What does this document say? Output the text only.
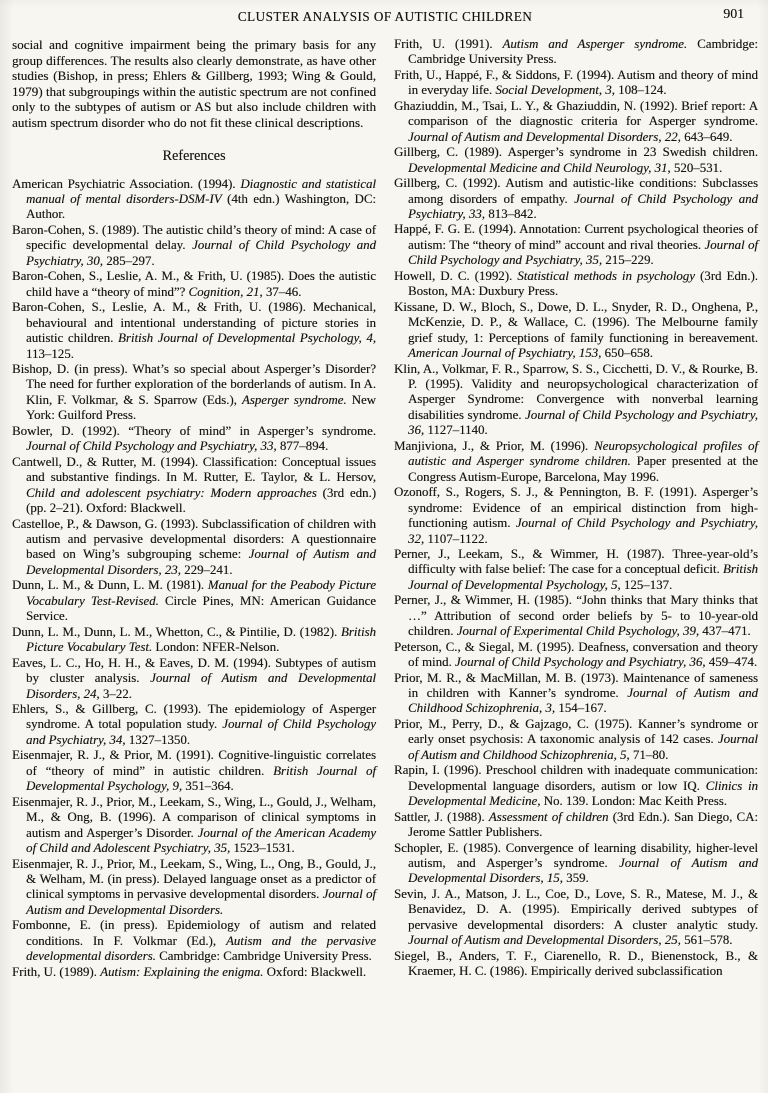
CLUSTER ANALYSIS OF AUTISTIC CHILDREN	901

social and cognitive impairment being the primary basis for any group differences. The results also clearly demonstrate, as have other studies (Bishop, in press; Ehlers & Gillberg, 1993; Wing & Gould, 1979) that subgroupings within the autistic spectrum are not confined only to the subtypes of autism or AS but also include children with autism spectrum disorder who do not fit these clinical descriptions.

References
American Psychiatric Association. (1994). Diagnostic and statistical manual of mental disorders-DSM-IV (4th edn.) Washington, DC: Author.
Baron-Cohen, S. (1989). The autistic child’s theory of mind: A case of specific developmental delay. Journal of Child Psychology and Psychiatry, 30, 285–297.
Baron-Cohen, S., Leslie, A. M., & Frith, U. (1985). Does the autistic child have a “theory of mind”? Cognition, 21, 37–46.
Baron-Cohen, S., Leslie, A. M., & Frith, U. (1986). Mechanical, behavioural and intentional understanding of picture stories in autistic children. British Journal of Developmental Psychology, 4, 113–125.
Bishop, D. (in press). What’s so special about Asperger’s Disorder? The need for further exploration of the borderlands of autism. In A. Klin, F. Volkmar, & S. Sparrow (Eds.), Asperger syndrome. New York: Guilford Press.
Bowler, D. (1992). “Theory of mind” in Asperger’s syndrome. Journal of Child Psychology and Psychiatry, 33, 877–894.
Cantwell, D., & Rutter, M. (1994). Classification: Conceptual issues and substantive findings. In M. Rutter, E. Taylor, & L. Hersov, Child and adolescent psychiatry: Modern approaches (3rd edn.) (pp. 2–21). Oxford: Blackwell.
Castelloe, P., & Dawson, G. (1993). Subclassification of children with autism and pervasive developmental disorders: A questionnaire based on Wing’s subgrouping scheme: Journal of Autism and Developmental Disorders, 23, 229–241.
Dunn, L. M., & Dunn, L. M. (1981). Manual for the Peabody Picture Vocabulary Test-Revised. Circle Pines, MN: American Guidance Service.
Dunn, L. M., Dunn, L. M., Whetton, C., & Pintilie, D. (1982). British Picture Vocabulary Test. London: NFER-Nelson.
Eaves, L. C., Ho, H. H., & Eaves, D. M. (1994). Subtypes of autism by cluster analysis. Journal of Autism and Developmental Disorders, 24, 3–22.
Ehlers, S., & Gillberg, C. (1993). The epidemiology of Asperger syndrome. A total population study. Journal of Child Psychology and Psychiatry, 34, 1327–1350.
Eisenmajer, R. J., & Prior, M. (1991). Cognitive-linguistic correlates of “theory of mind” in autistic children. British Journal of Developmental Psychology, 9, 351–364.
Eisenmajer, R. J., Prior, M., Leekam, S., Wing, L., Gould, J., Welham, M., & Ong, B. (1996). A comparison of clinical symptoms in autism and Asperger’s Disorder. Journal of the American Academy of Child and Adolescent Psychiatry, 35, 1523–1531.
Eisenmajer, R. J., Prior, M., Leekam, S., Wing, L., Ong, B., Gould, J., & Welham, M. (in press). Delayed language onset as a predictor of clinical symptoms in pervasive developmental disorders. Journal of Autism and Developmental Disorders.
Fombonne, E. (in press). Epidemiology of autism and related conditions. In F. Volkmar (Ed.), Autism and the pervasive developmental disorders. Cambridge: Cambridge University Press.
Frith, U. (1989). Autism: Explaining the enigma. Oxford: Blackwell.
Frith, U. (1991). Autism and Asperger syndrome. Cambridge: Cambridge University Press.
Frith, U., Happé, F., & Siddons, F. (1994). Autism and theory of mind in everyday life. Social Development, 3, 108–124.
Ghaziuddin, M., Tsai, L. Y., & Ghaziuddin, N. (1992). Brief report: A comparison of the diagnostic criteria for Asperger syndrome. Journal of Autism and Developmental Disorders, 22, 643–649.
Gillberg, C. (1989). Asperger’s syndrome in 23 Swedish children. Developmental Medicine and Child Neurology, 31, 520–531.
Gillberg, C. (1992). Autism and autistic-like conditions: Subclasses among disorders of empathy. Journal of Child Psychology and Psychiatry, 33, 813–842.
Happé, F. G. E. (1994). Annotation: Current psychological theories of autism: The “theory of mind” account and rival theories. Journal of Child Psychology and Psychiatry, 35, 215–229.
Howell, D. C. (1992). Statistical methods in psychology (3rd Edn.). Boston, MA: Duxbury Press.
Kissane, D. W., Bloch, S., Dowe, D. L., Snyder, R. D., Onghena, P., McKenzie, D. P., & Wallace, C. (1996). The Melbourne family grief study, 1: Perceptions of family functioning in bereavement. American Journal of Psychiatry, 153, 650–658.
Klin, A., Volkmar, F. R., Sparrow, S. S., Cicchetti, D. V., & Rourke, B. P. (1995). Validity and neuropsychological characterization of Asperger Syndrome: Convergence with nonverbal learning disabilities syndrome. Journal of Child Psychology and Psychiatry, 36, 1127–1140.
Manjiviona, J., & Prior, M. (1996). Neuropsychological profiles of autistic and Asperger syndrome children. Paper presented at the Congress Autism-Europe, Barcelona, May 1996.
Ozonoff, S., Rogers, S. J., & Pennington, B. F. (1991). Asperger’s syndrome: Evidence of an empirical distinction from high-functioning autism. Journal of Child Psychology and Psychiatry, 32, 1107–1122.
Perner, J., Leekam, S., & Wimmer, H. (1987). Three-year-old’s difficulty with false belief: The case for a conceptual deficit. British Journal of Developmental Psychology, 5, 125–137.
Perner, J., & Wimmer, H. (1985). “John thinks that Mary thinks that …” Attribution of second order beliefs by 5- to 10-year-old children. Journal of Experimental Child Psychology, 39, 437–471.
Peterson, C., & Siegal, M. (1995). Deafness, conversation and theory of mind. Journal of Child Psychology and Psychiatry, 36, 459–474.
Prior, M. R., & MacMillan, M. B. (1973). Maintenance of sameness in children with Kanner’s syndrome. Journal of Autism and Childhood Schizophrenia, 3, 154–167.
Prior, M., Perry, D., & Gajzago, C. (1975). Kanner’s syndrome or early onset psychosis: A taxonomic analysis of 142 cases. Journal of Autism and Childhood Schizophrenia, 5, 71–80.
Rapin, I. (1996). Preschool children with inadequate communication: Developmental language disorders, autism or low IQ. Clinics in Developmental Medicine, No. 139. London: Mac Keith Press.
Sattler, J. (1988). Assessment of children (3rd Edn.). San Diego, CA: Jerome Sattler Publishers.
Schopler, E. (1985). Convergence of learning disability, higher-level autism, and Asperger’s syndrome. Journal of Autism and Developmental Disorders, 15, 359.
Sevin, J. A., Matson, J. L., Coe, D., Love, S. R., Matese, M. J., & Benavidez, D. A. (1995). Empirically derived subtypes of pervasive developmental disorders: A cluster analytic study. Journal of Autism and Developmental Disorders, 25, 561–578.
Siegel, B., Anders, T. F., Ciarenello, R. D., Bienenstock, B., & Kraemer, H. C. (1986). Empirically derived subclassification
